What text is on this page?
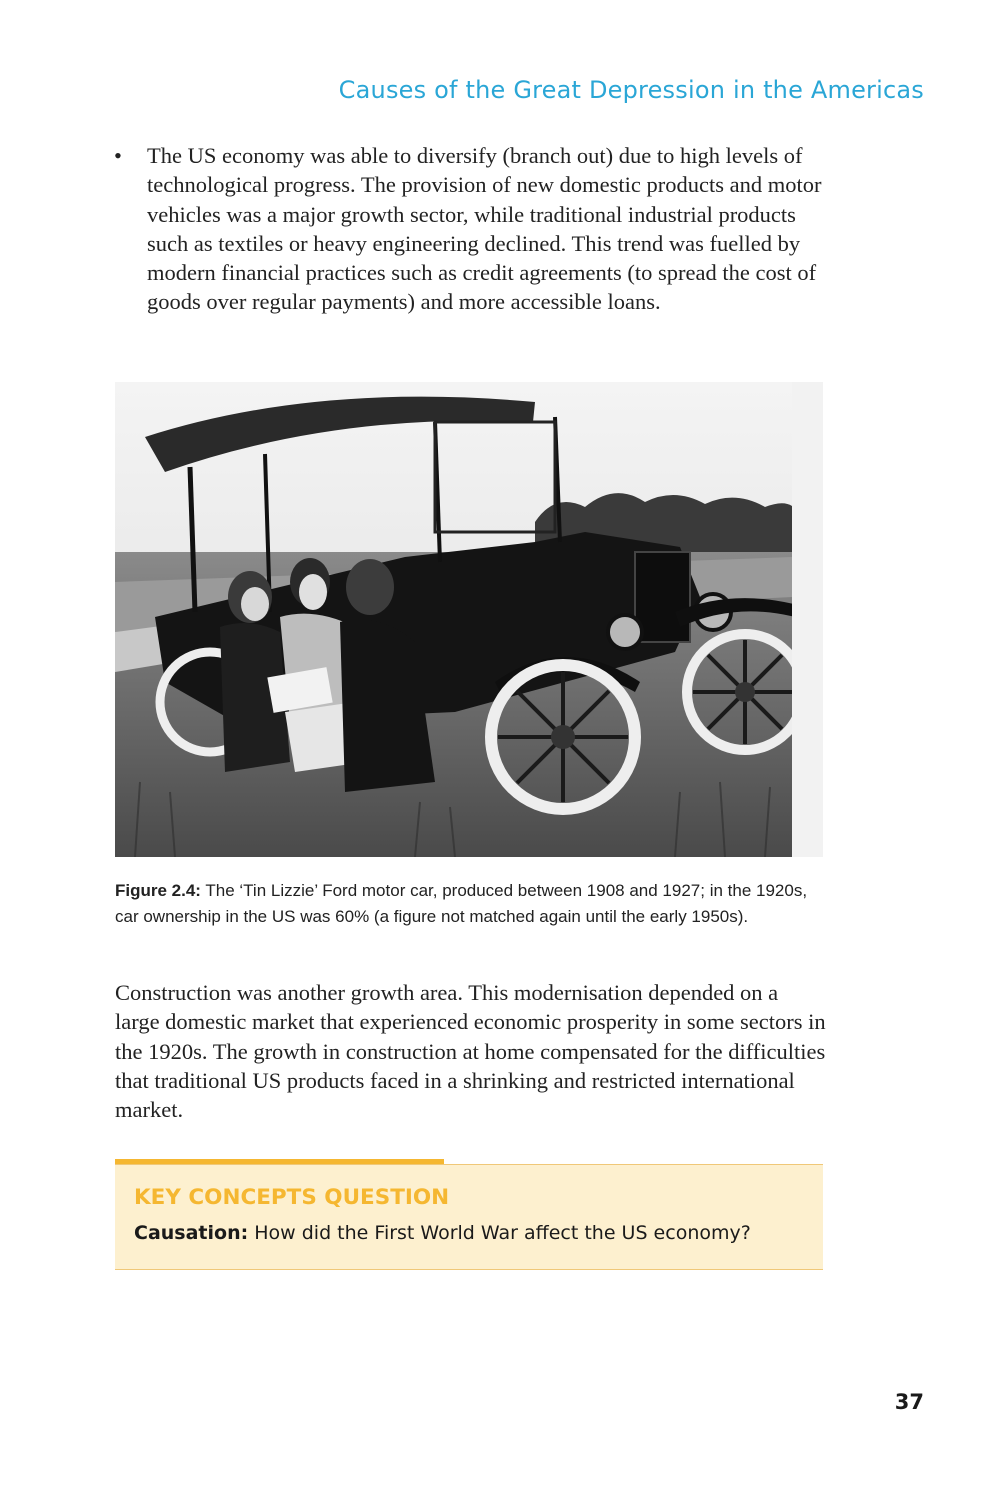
Causes of the Great Depression in the Americas
• The US economy was able to diversify (branch out) due to high levels of technological progress. The provision of new domestic products and motor vehicles was a major growth sector, while traditional industrial products such as textiles or heavy engineering declined. This trend was fuelled by modern financial practices such as credit agreements (to spread the cost of goods over regular payments) and more accessible loans.
Figure 2.4: The ‘Tin Lizzie’ Ford motor car, produced between 1908 and 1927; in the 1920s, car ownership in the US was 60% (a figure not matched again until the early 1950s).
Construction was another growth area. This modernisation depended on a large domestic market that experienced economic prosperity in some sectors in the 1920s. The growth in construction at home compensated for the difficulties that traditional US products faced in a shrinking and restricted international market.
KEY CONCEPTS QUESTION
Causation: How did the First World War affect the US economy?
37
